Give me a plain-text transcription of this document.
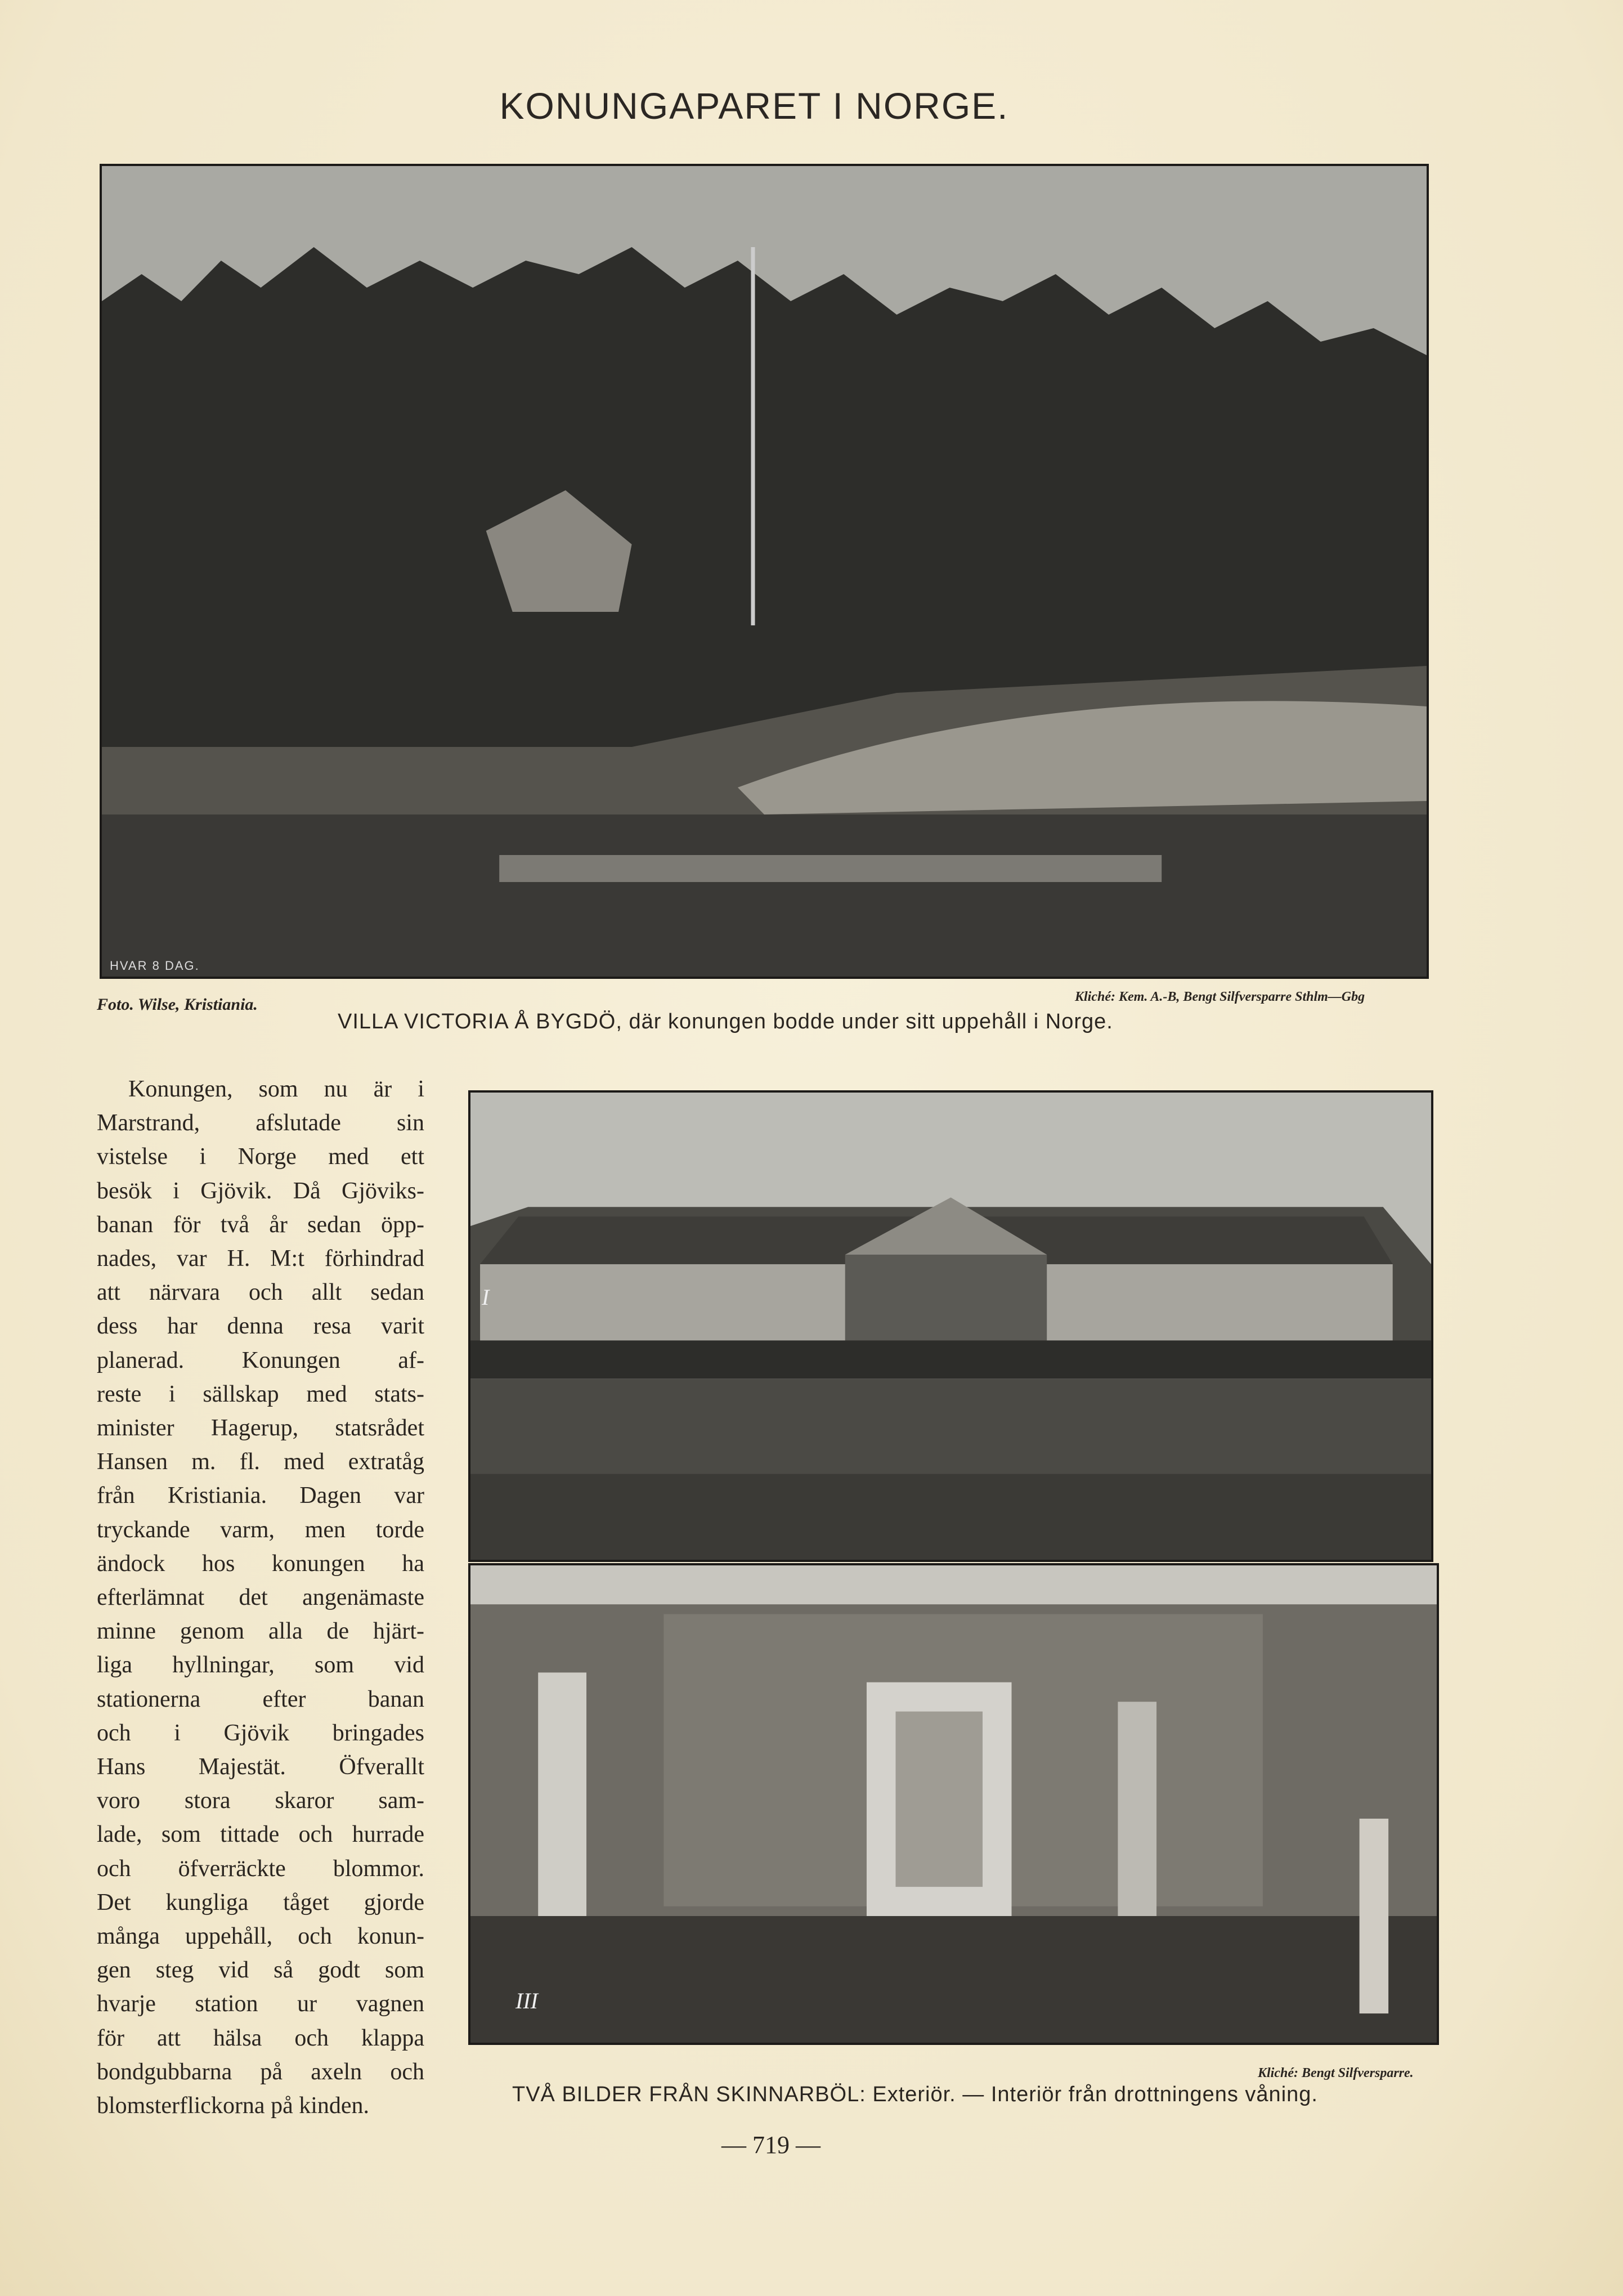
KONUNGAPARET I NORGE.
HVAR 8 DAG.
Foto. Wilse, Kristiania.	Kliché: Kem. A.-B, Bengt Silfversparre Sthlm—Gbg
VILLA VICTORIA Å BYGDÖ, där konungen bodde under sitt uppehåll i Norge.
Konungen, som nu är i
Marstrand, afslutade sin
vistelse i Norge med ett
besök i Gjövik. Då Gjöviks-
banan för två år sedan öpp-
nades, var H. M:t förhindrad
att närvara och allt sedan
dess har denna resa varit
planerad. Konungen af-
reste i sällskap med stats-
minister Hagerup, statsrådet
Hansen m. fl. med extratåg
från Kristiania. Dagen var
tryckande varm, men torde
ändock hos konungen ha
efterlämnat det angenämaste
minne genom alla de hjärt-
liga hyllningar, som vid
stationerna efter banan
och i Gjövik bringades
Hans Majestät. Öfverallt
voro stora skaror sam-
lade, som tittade och hurrade
och öfverräckte blommor.
Det kungliga tåget gjorde
många uppehåll, och konun-
gen steg vid så godt som
hvarje station ur vagnen
för att hälsa och klappa
bondgubbarna på axeln och
blomsterflickorna på kinden.
I
III
Kliché: Bengt Silfversparre.
TVÅ BILDER FRÅN SKINNARBÖL: Exteriör. — Interiör från drottningens våning.
— 719 —
